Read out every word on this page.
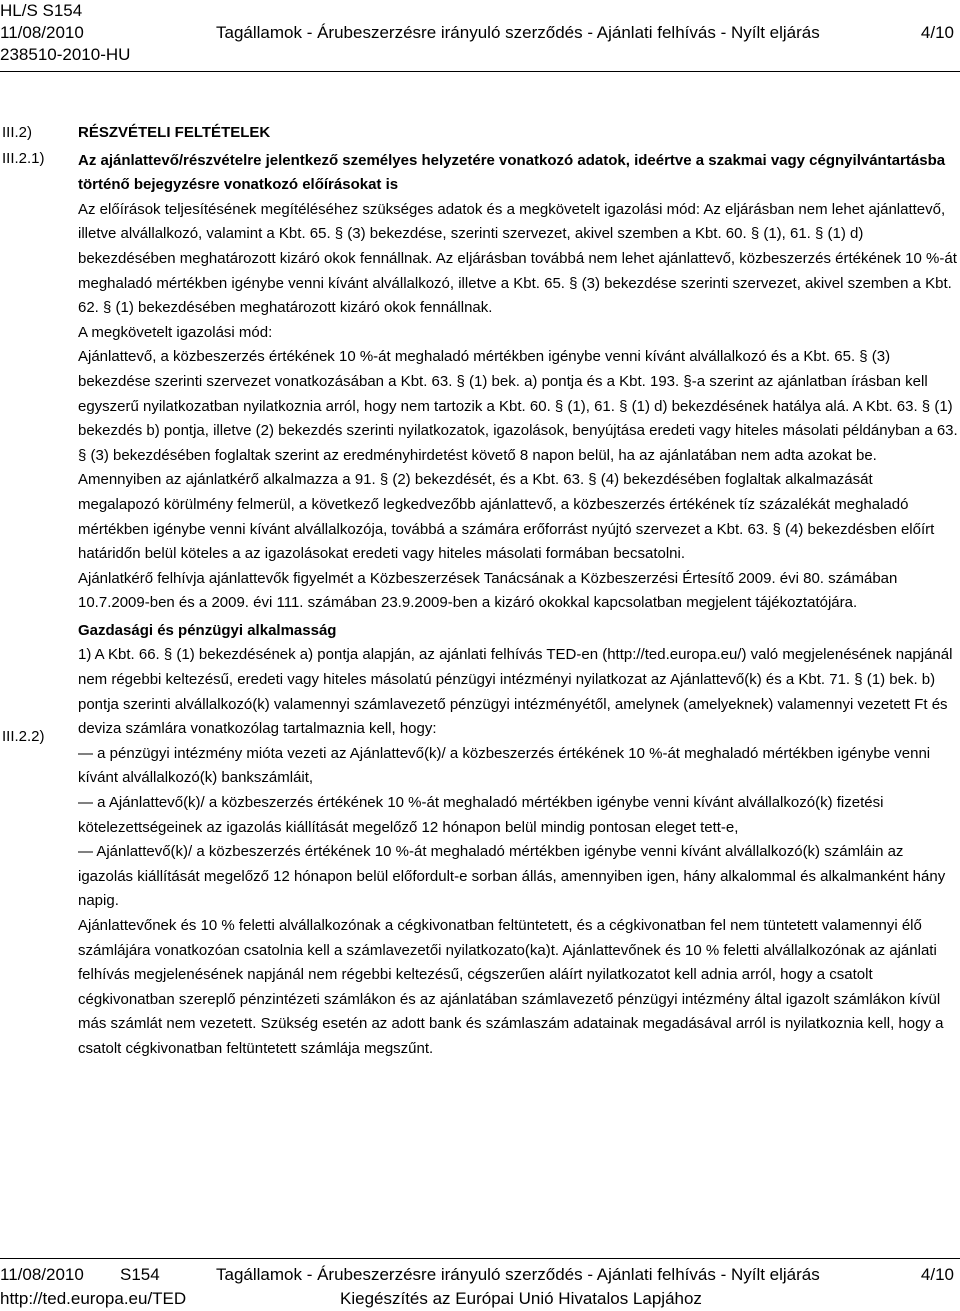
HL/S S154
11/08/2010
238510-2010-HU
Tagállamok - Árubeszerzésre irányuló szerződés - Ajánlati felhívás - Nyílt eljárás	4/10
III.2)
III.2.1)
III.2.2)

RÉSZVÉTELI FELTÉTELEK

Az ajánlattevő/részvételre jelentkező személyes helyzetére vonatkozó adatok, ideértve a szakmai vagy cégnyilvántartásba történő bejegyzésre vonatkozó előírásokat is

Az előírások teljesítésének megítéléséhez szükséges adatok és a megkövetelt igazolási mód: Az eljárásban nem lehet ajánlattevő, illetve alvállalkozó, valamint a Kbt. 65. § (3) bekezdése, szerinti szervezet, akivel szemben a Kbt. 60. § (1), 61. § (1) d) bekezdésében meghatározott kizáró okok fennállnak. Az eljárásban továbbá nem lehet ajánlattevő, közbeszerzés értékének 10 %-át meghaladó mértékben igénybe venni kívánt alvállalkozó, illetve a Kbt. 65. § (3) bekezdése szerinti szervezet, akivel szemben a Kbt. 62. § (1) bekezdésében meghatározott kizáró okok fennállnak.

A megkövetelt igazolási mód:

Ajánlattevő, a közbeszerzés értékének 10 %-át meghaladó mértékben igénybe venni kívánt alvállalkozó és a Kbt. 65. § (3) bekezdése szerinti szervezet vonatkozásában a Kbt. 63. § (1) bek. a) pontja és a Kbt. 193. §-a szerint az ajánlatban írásban kell egyszerű nyilatkozatban nyilatkoznia arról, hogy nem tartozik a Kbt. 60. § (1), 61. § (1) d) bekezdésének hatálya alá. A Kbt. 63. § (1) bekezdés b) pontja, illetve (2) bekezdés szerinti nyilatkozatok, igazolások, benyújtása eredeti vagy hiteles másolati példányban a 63. § (3) bekezdésében foglaltak szerint az eredményhirdetést követő 8 napon belül, ha az ajánlatában nem adta azokat be.

Amennyiben az ajánlatkérő alkalmazza a 91. § (2) bekezdését, és a Kbt. 63. § (4) bekezdésében foglaltak alkalmazását megalapozó körülmény felmerül, a következő legkedvezőbb ajánlattevő, a közbeszerzés értékének tíz százalékát meghaladó mértékben igénybe venni kívánt alvállalkozója, továbbá a számára erőforrást nyújtó szervezet a Kbt. 63. § (4) bekezdésben előírt határidőn belül köteles a az igazolásokat eredeti vagy hiteles másolati formában becsatolni.

Ajánlatkérő felhívja ajánlattevők figyelmét a Közbeszerzések Tanácsának a Közbeszerzési Értesítő 2009. évi 80. számában 10.7.2009-ben és a 2009. évi 111. számában 23.9.2009-ben a kizáró okokkal kapcsolatban megjelent tájékoztatójára.

Gazdasági és pénzügyi alkalmasság

1) A Kbt. 66. § (1) bekezdésének a) pontja alapján, az ajánlati felhívás TED-en (http://ted.europa.eu/) való megjelenésének napjánál nem régebbi keltezésű, eredeti vagy hiteles másolatú pénzügyi intézményi nyilatkozat az Ajánlattevő(k) és a Kbt. 71. § (1) bek. b) pontja szerinti alvállalkozó(k) valamennyi számlavezető pénzügyi intézményétől, amelynek (amelyeknek) valamennyi vezetett Ft és deviza számlára vonatkozólag tartalmaznia kell, hogy:

— a pénzügyi intézmény mióta vezeti az Ajánlattevő(k)/ a közbeszerzés értékének 10 %-át meghaladó mértékben igénybe venni kívánt alvállalkozó(k) bankszámláit,

— a Ajánlattevő(k)/ a közbeszerzés értékének 10 %-át meghaladó mértékben igénybe venni kívánt alvállalkozó(k) fizetési kötelezettségeinek az igazolás kiállítását megelőző 12 hónapon belül mindig pontosan eleget tett-e,

— Ajánlattevő(k)/ a közbeszerzés értékének 10 %-át meghaladó mértékben igénybe venni kívánt alvállalkozó(k) számláin az igazolás kiállítását megelőző 12 hónapon belül előfordult-e sorban állás, amennyiben igen, hány alkalommal és alkalmanként hány napig.

Ajánlattevőnek és 10 % feletti alvállalkozónak a cégkivonatban feltüntetett, és a cégkivonatban fel nem tüntetett valamennyi élő számlájára vonatkozóan csatolnia kell a számlavezetői nyilatkozato(ka)t. Ajánlattevőnek és 10 % feletti alvállalkozónak az ajánlati felhívás megjelenésének napjánál nem régebbi keltezésű, cégszerűen aláírt nyilatkozatot kell adnia arról, hogy a csatolt cégkivonatban szereplő pénzintézeti számlákon és az ajánlatában számlavezető pénzügyi intézmény által igazolt számlákon kívül más számlát nem vezetett. Szükség esetén az adott bank és számlaszám adatainak megadásával arról is nyilatkoznia kell, hogy a csatolt cégkivonatban feltüntetett számlája megszűnt.

11/08/2010 S154	Tagállamok - Árubeszerzésre irányuló szerződés - Ajánlati felhívás - Nyílt eljárás	4/10
http://ted.europa.eu/TED	Kiegészítés az Európai Unió Hivatalos Lapjához
